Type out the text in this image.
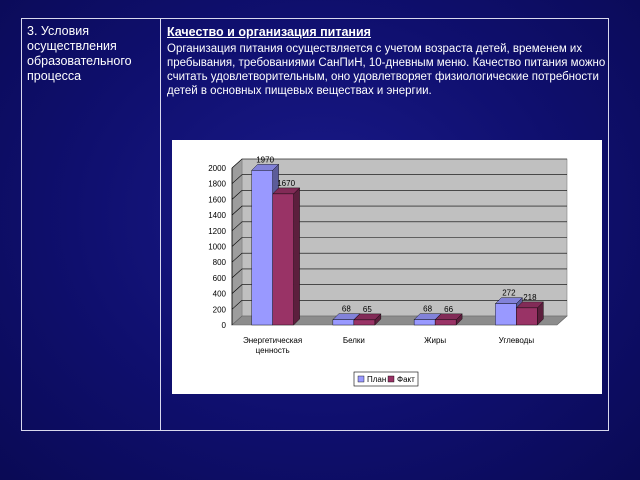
3. Условия
осуществления
образовательного
процесса
Качество и организация питания
Организация питания осуществляется с учетом возраста детей, временем их пребывания, требованиями СанПиН, 10-дневным меню. Качество питания можно считать удовлетворительным, оно удовлетворяет физиологические потребности детей в основных пищевых веществах и энергии.
0
200
400
600
800
1000
1200
1400
1600
1800
2000
1970
1670
Энергетическая
ценность
68 65
Белки
68 66
Жиры
272 218
Углеводы
План Факт
